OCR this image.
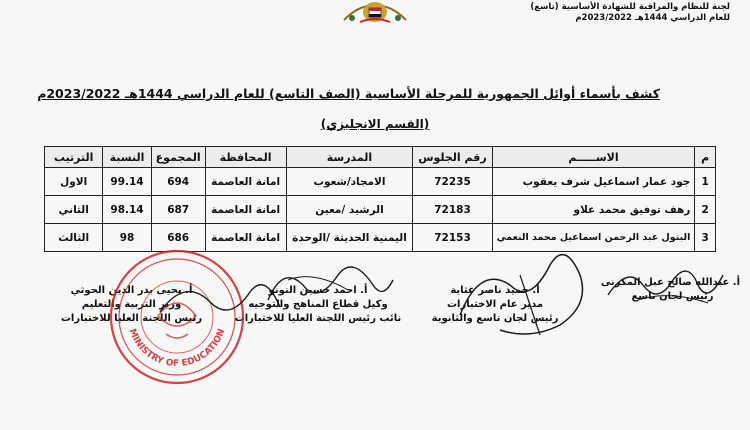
لجنة للنظام والمراقبة للشهادة الأساسية (تاسع)
للعام الدراسي 1444هـ 2023/2022م
كشف بأسماء أوائل الجمهورية للمرحلة الأساسية (الصف التاسع) للعام الدراسي 1444هـ 2023/2022م
(القسم الانجليزي)
م	الاســـــم	رقم الجلوس	المدرسة	المحافظة	المجموع	النسبة	الترتيب
1	جود عمار اسماعيل شرف يعقوب	72235	الامجاد/شعوب	امانة العاصمة	694	99.14	الاول
2	رهف توفيق محمد علاو	72183	الرشيد /معين	امانة العاصمة	687	98.14	الثاني
3	البتول عبد الرحمن اسماعيل محمد النعمي	72153	اليمنية الحديثة /الوحدة	امانة العاصمة	686	98	الثالث
أ. عبدالله صالح عبل المكرنى
رئيس لجان تاسع
أ. حميد ناصر غثاية
مدير عام الاختبارات
رئيس لجان تاسع والثانوية
أ. احمد حسين النونو
وكيل قطاع المناهج والتوجيه
نائب رئيس اللجنة العليا للاختبارات
أ. يحيى بدر الدين الحوثي
وزير التربية والتعليم
رئيس اللجنة العليا للاختبارات
MINISTRY OF EDUCATION
